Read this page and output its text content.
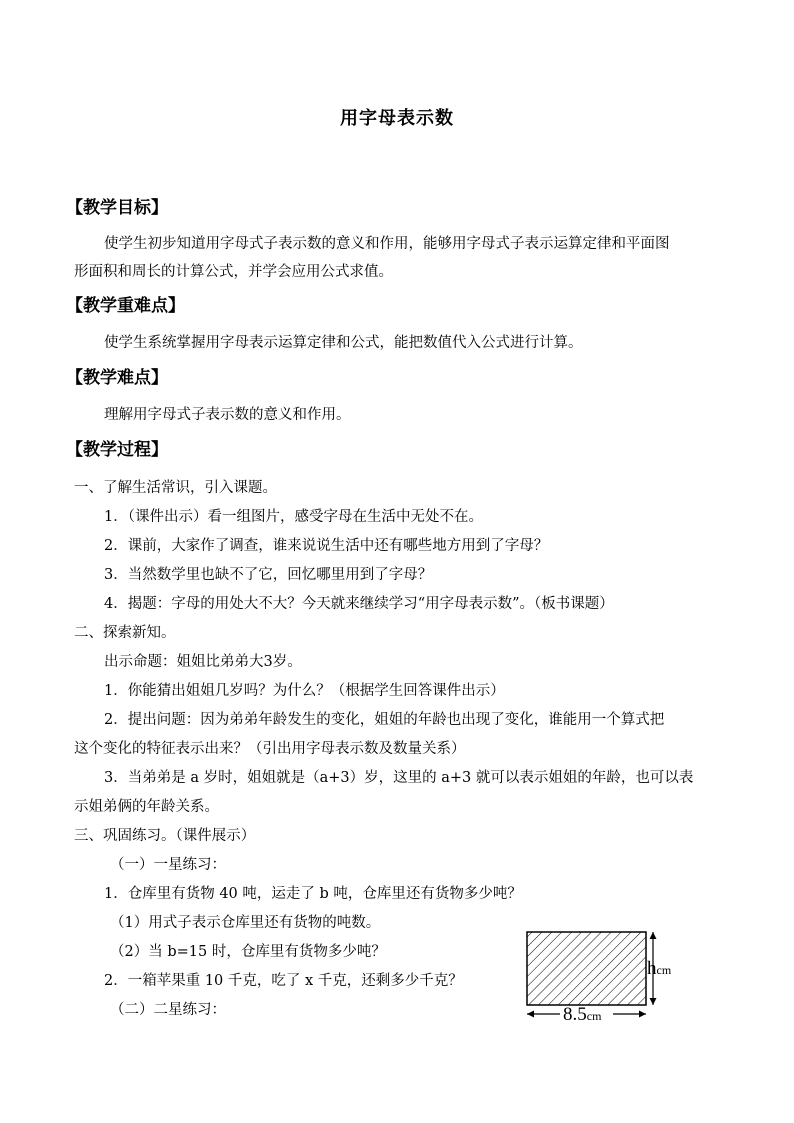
用字母表示数
【教学目标】
使学生初步知道用字母式子表示数的意义和作用，能够用字母式子表示运算定律和平面图
形面积和周长的计算公式，并学会应用公式求值。
【教学重难点】
使学生系统掌握用字母表示运算定律和公式，能把数值代入公式进行计算。
【教学难点】
理解用字母式子表示数的意义和作用。
【教学过程】
一、了解生活常识，引入课题。
1．（课件出示）看一组图片，感受字母在生活中无处不在。
2．课前，大家作了调查，谁来说说生活中还有哪些地方用到了字母？
3．当然数学里也缺不了它，回忆哪里用到了字母？
4．揭题：字母的用处大不大？今天就来继续学习“用字母表示数”。（板书课题）
二、探索新知。
出示命题：姐姐比弟弟大3岁。
1．你能猜出姐姐几岁吗？为什么？（根据学生回答课件出示）
2．提出问题：因为弟弟年龄发生的变化，姐姐的年龄也出现了变化，谁能用一个算式把
这个变化的特征表示出来？（引出用字母表示数及数量关系）
3．当弟弟是 a 岁时，姐姐就是（a+3）岁，这里的 a+3 就可以表示姐姐的年龄，也可以表
示姐弟俩的年龄关系。
三、巩固练习。（课件展示）
（一）一星练习：
1．仓库里有货物 40 吨，运走了 b 吨，仓库里还有货物多少吨？
（1）用式子表示仓库里还有货物的吨数。
（2）当 b=15 时，仓库里有货物多少吨？
2．一箱苹果重 10 千克，吃了 x 千克，还剩多少千克？
（二）二星练习：
hcm
8.5cm
